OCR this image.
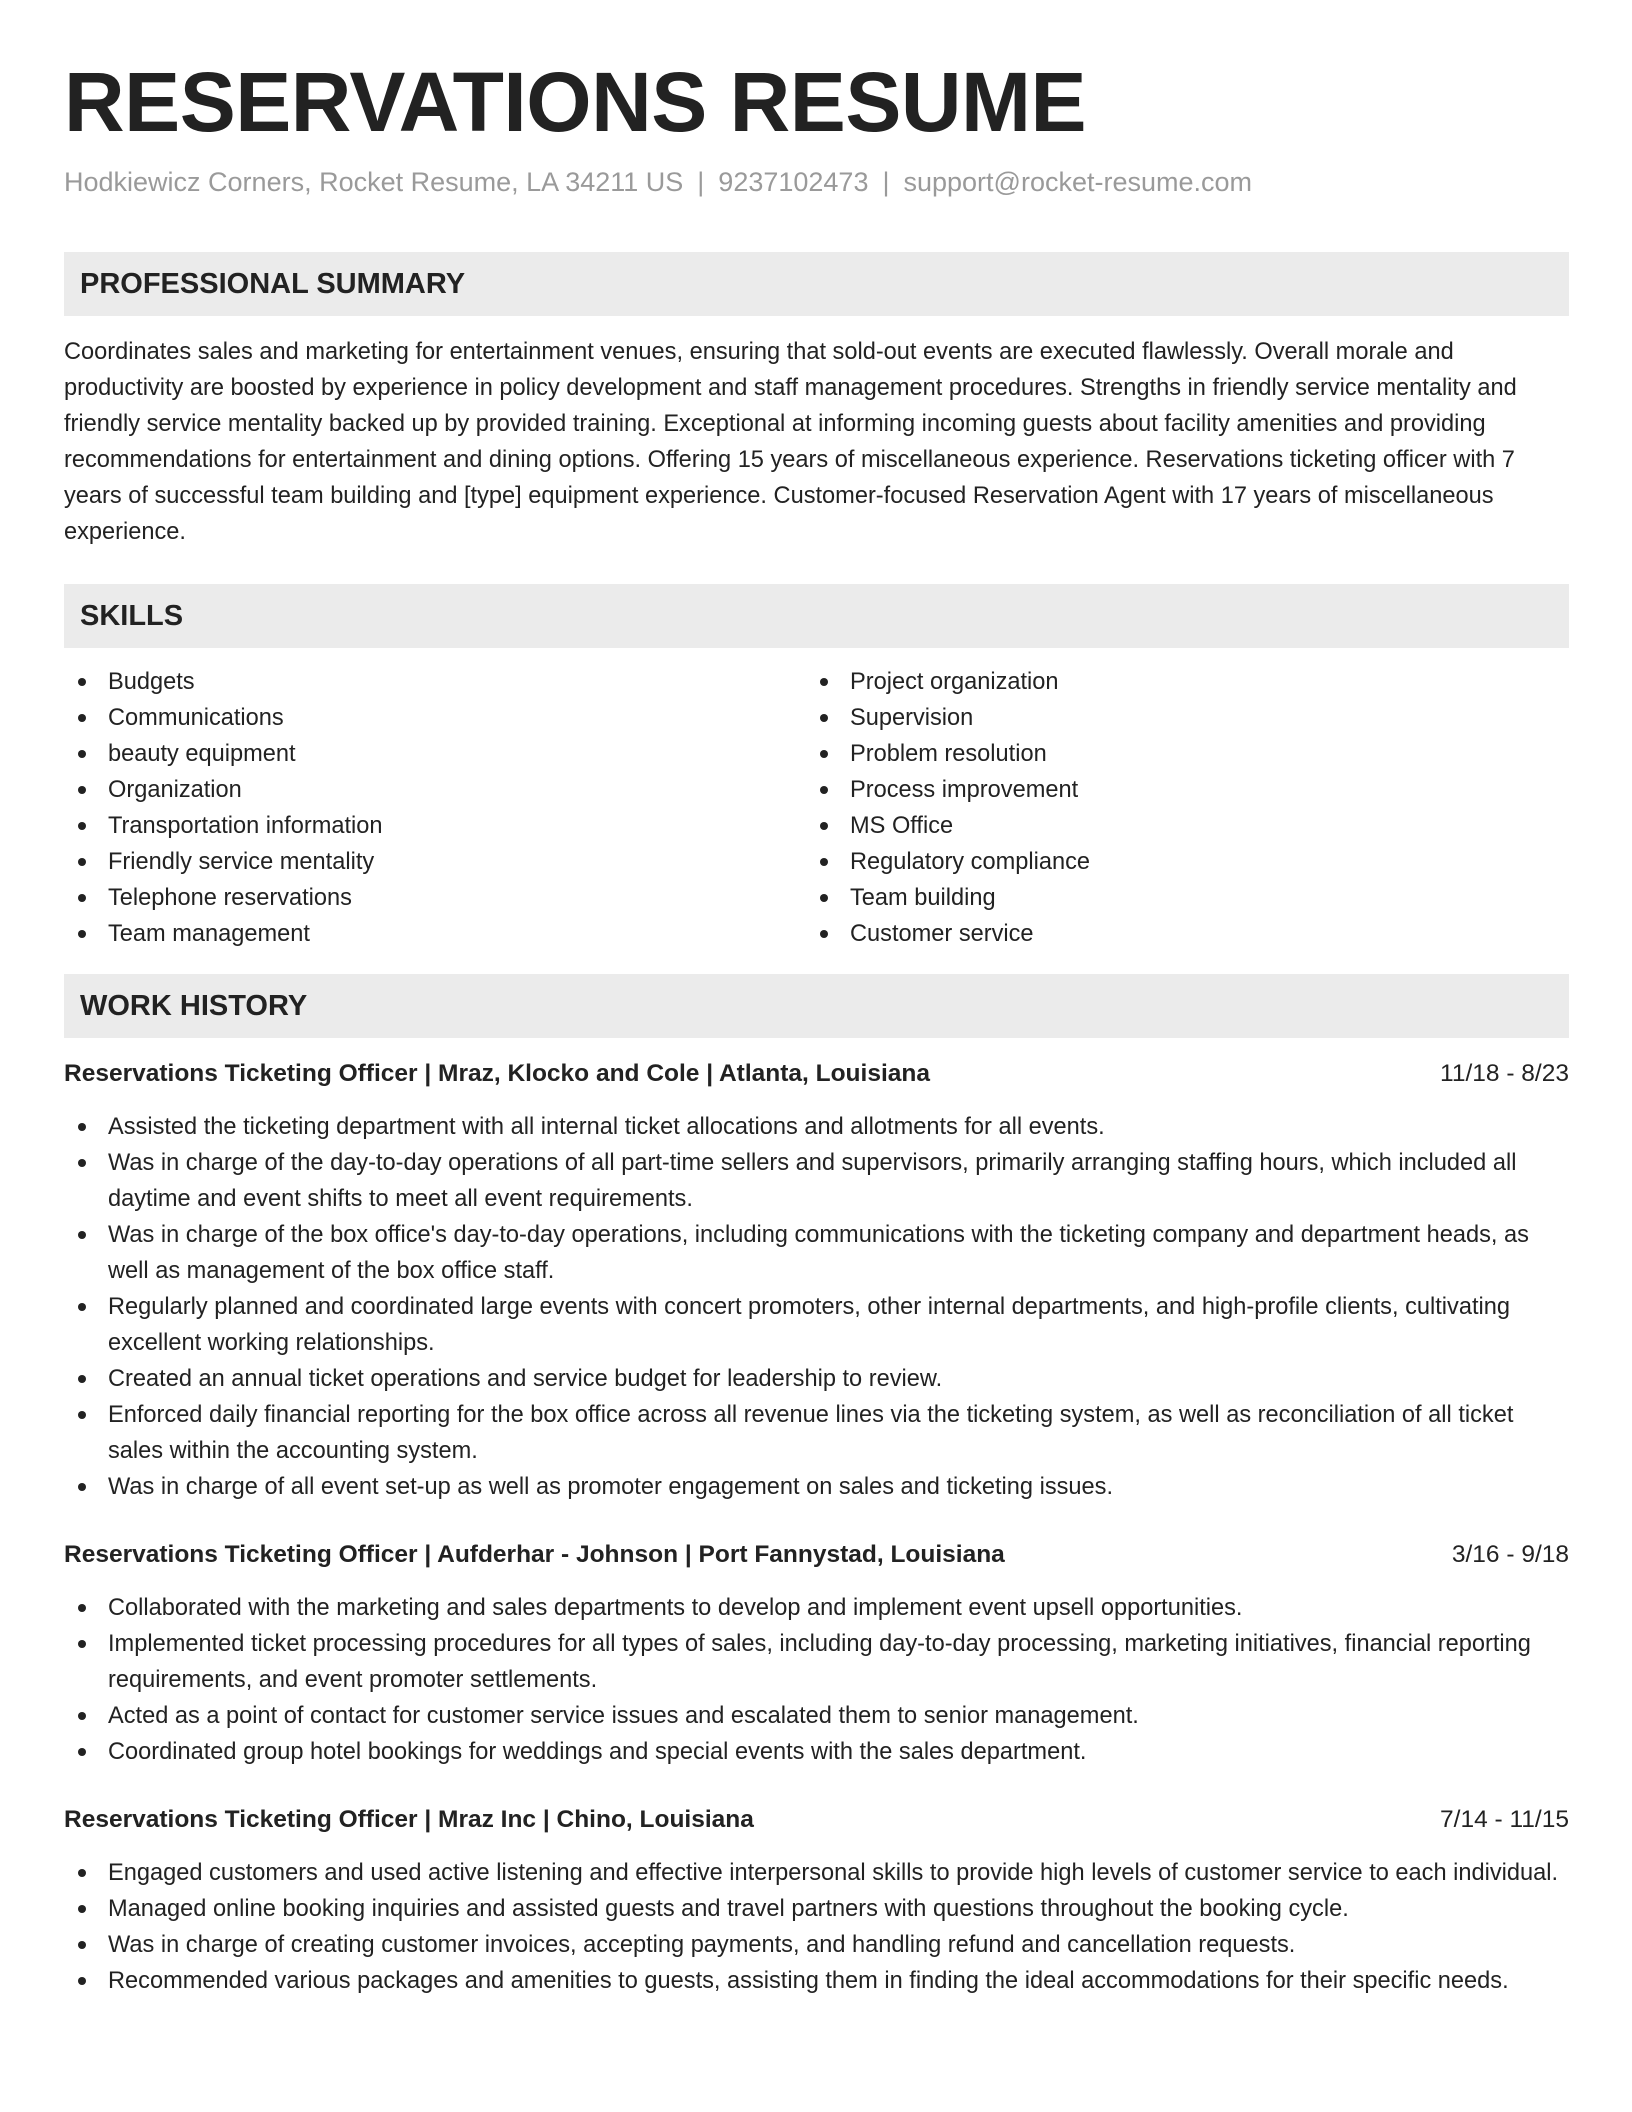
RESERVATIONS RESUME
Hodkiewicz Corners, Rocket Resume, LA 34211 US | 9237102473 | support@rocket-resume.com
PROFESSIONAL SUMMARY

Coordinates sales and marketing for entertainment venues, ensuring that sold-out events are executed flawlessly. Overall morale and productivity are boosted by experience in policy development and staff management procedures. Strengths in friendly service mentality and friendly service mentality backed up by provided training. Exceptional at informing incoming guests about facility amenities and providing recommendations for entertainment and dining options. Offering 15 years of miscellaneous experience. Reservations ticketing officer with 7 years of successful team building and [type] equipment experience. Customer-focused Reservation Agent with 17 years of miscellaneous experience.

SKILLS
Budgets
Communications
beauty equipment
Organization
Transportation information
Friendly service mentality
Telephone reservations
Team management
Project organization
Supervision
Problem resolution
Process improvement
MS Office
Regulatory compliance
Team building
Customer service
WORK HISTORY
Reservations Ticketing Officer | Mraz, Klocko and Cole | Atlanta, Louisiana	11/18 - 8/23
Assisted the ticketing department with all internal ticket allocations and allotments for all events.
Was in charge of the day-to-day operations of all part-time sellers and supervisors, primarily arranging staffing hours, which included all daytime and event shifts to meet all event requirements.
Was in charge of the box office's day-to-day operations, including communications with the ticketing company and department heads, as well as management of the box office staff.
Regularly planned and coordinated large events with concert promoters, other internal departments, and high-profile clients, cultivating excellent working relationships.
Created an annual ticket operations and service budget for leadership to review.
Enforced daily financial reporting for the box office across all revenue lines via the ticketing system, as well as reconciliation of all ticket sales within the accounting system.
Was in charge of all event set-up as well as promoter engagement on sales and ticketing issues.
Reservations Ticketing Officer | Aufderhar - Johnson | Port Fannystad, Louisiana	3/16 - 9/18
Collaborated with the marketing and sales departments to develop and implement event upsell opportunities.
Implemented ticket processing procedures for all types of sales, including day-to-day processing, marketing initiatives, financial reporting requirements, and event promoter settlements.
Acted as a point of contact for customer service issues and escalated them to senior management.
Coordinated group hotel bookings for weddings and special events with the sales department.
Reservations Ticketing Officer | Mraz Inc | Chino, Louisiana	7/14 - 11/15
Engaged customers and used active listening and effective interpersonal skills to provide high levels of customer service to each individual.
Managed online booking inquiries and assisted guests and travel partners with questions throughout the booking cycle.
Was in charge of creating customer invoices, accepting payments, and handling refund and cancellation requests.
Recommended various packages and amenities to guests, assisting them in finding the ideal accommodations for their specific needs.
